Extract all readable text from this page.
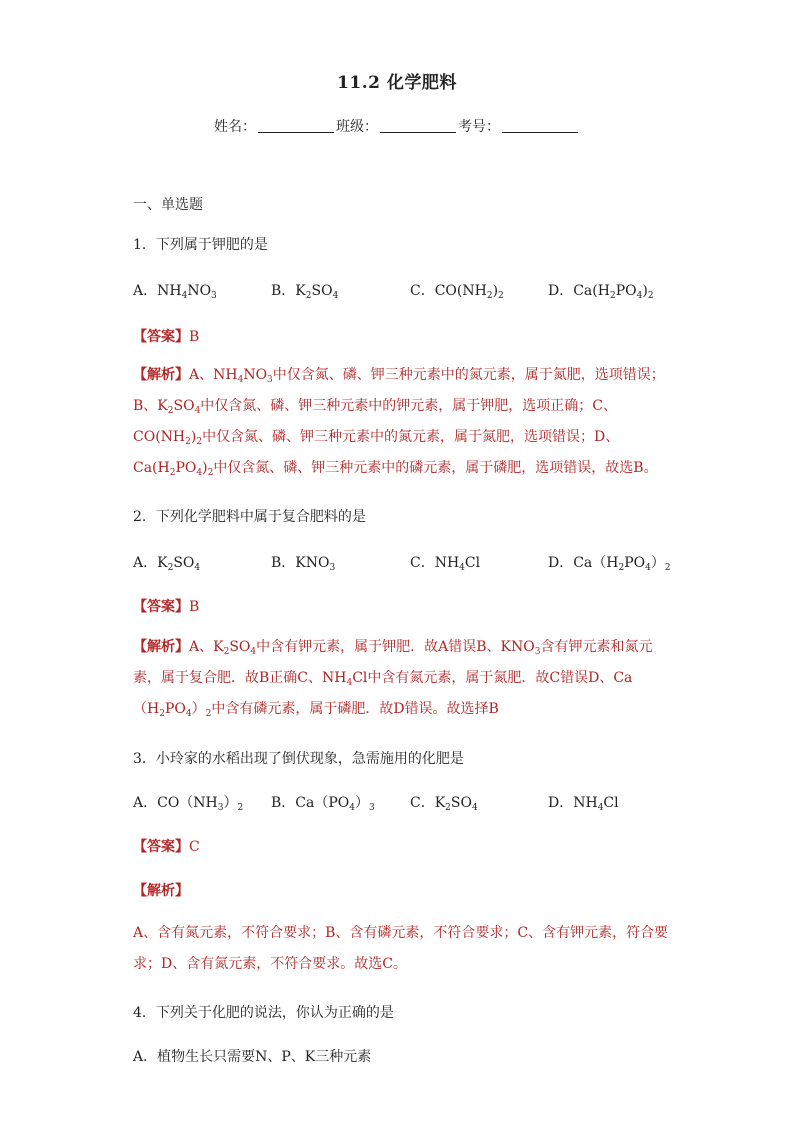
11.2 化学肥料
姓名：	班级：	考号：
一、单选题
1．下列属于钾肥的是
A．$NH_4NO_3$	B．$K_2SO_4$	C．$CO(NH_2)_2$	D．$Ca(H_2PO_4)_2$
【答案】B
【解析】A、$NH_4NO_3$中仅含氮、磷、钾三种元素中的氮元素，属于氮肥，选项错误；B、$K_2SO_4$中仅含氮、磷、钾三种元素中的钾元素，属于钾肥，选项正确；C、$CO(NH_2)_2$中仅含氮、磷、钾三种元素中的氮元素，属于氮肥，选项错误；D、$Ca(H_2PO_4)_2$中仅含氮、磷、钾三种元素中的磷元素，属于磷肥，选项错误，故选B。
2．下列化学肥料中属于复合肥料的是
A．$K_2SO_4$	B．$KNO_3$	C．$NH_4Cl$	D．$Ca(H_2PO_4)_2$
【答案】B
【解析】A、$K_2SO_4$中含有钾元素，属于钾肥．故A错误B、$KNO_3$含有钾元素和氮元素，属于复合肥．故B正确C、$NH_4Cl$中含有氮元素，属于氮肥．故C错误D、$Ca(H_2PO_4)_2$中含有磷元素，属于磷肥．故D错误。故选择B
3．小玲家的水稻出现了倒伏现象，急需施用的化肥是
A．$CO(NH_3)_2$ B．$Ca(PO_4)_3$	C．$K_2SO_4$	D．$NH_4Cl$
【答案】C
【解析】
A、含有氮元素，不符合要求；B、含有磷元素，不符合要求；C、含有钾元素，符合要求；D、含有氮元素，不符合要求。故选C。
4．下列关于化肥的说法，你认为正确的是
A．植物生长只需要N、P、K三种元素
